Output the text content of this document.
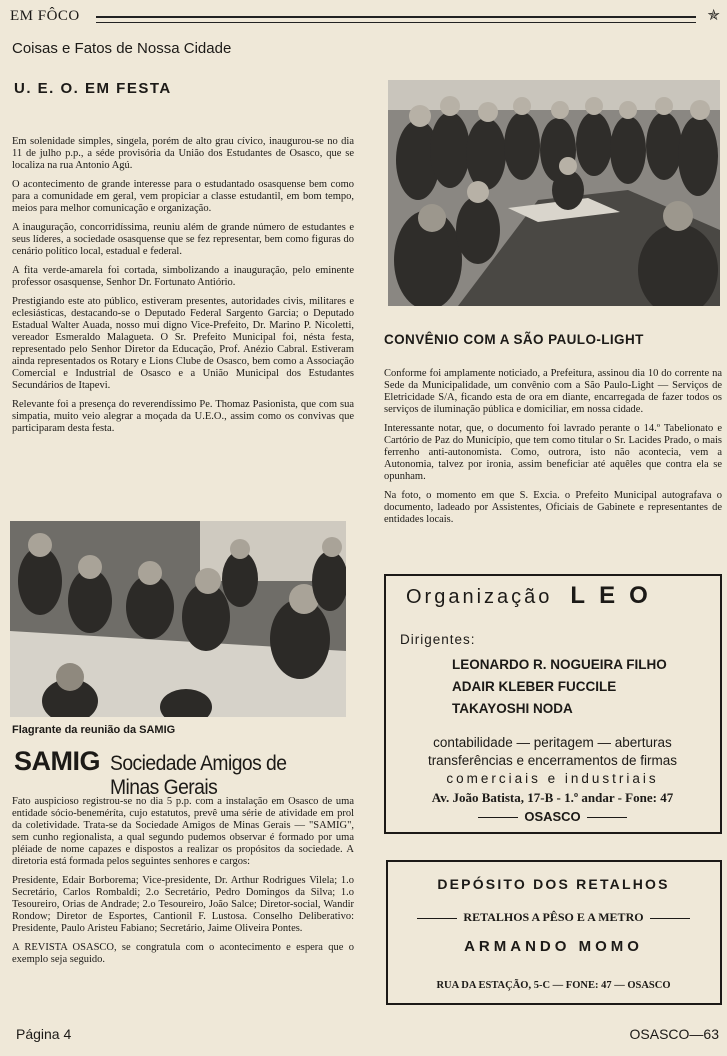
EM FÔCO	✯
Coisas e Fatos de Nossa Cidade
U. E. O. EM FESTA

Em solenidade simples, singela, porém de alto grau cívico, inaugurou-se no dia 11 de julho p.p., a séde provisória da União dos Estudantes de Osasco, que se localiza na rua Antonio Agú.

O acontecimento de grande interesse para o estudantado osasquense bem como para a comunidade em geral, vem propiciar a classe estudantil, em bom tempo, meios para melhor comunicação e organização.

A inauguração, concorridíssima, reuniu além de grande número de estudantes e seus líderes, a sociedade osasquense que se fez representar, bem como figuras do cenário político local, estadual e federal.

A fita verde-amarela foi cortada, simbolizando a inauguração, pelo eminente professor osasquense, Senhor Dr. Fortunato Antiório.

Prestigiando este ato público, estiveram presentes, autoridades civis, militares e eclesiásticas, destacando-se o Deputado Federal Sargento Garcia; o Deputado Estadual Walter Auada, nosso mui digno Vice-Prefeito, Dr. Marino P. Nicoletti, vereador Esmeraldo Malagueta. O Sr. Prefeito Municipal foi, nésta festa, representado pelo Senhor Diretor da Educação, Prof. Anézio Cabral. Estiveram ainda representados os Rotary e Lions Clube de Osasco, bem como a Associação Comercial e Industrial de Osasco e a União Municipal dos Estudantes Secundários de Itapevi.

Relevante foi a presença do reverendíssimo Pe. Thomaz Pasionista, que com sua simpatia, muito veio alegrar a moçada da U.E.O., assim como os convivas que participaram desta festa.

CONVÊNIO COM A SÃO PAULO-LIGHT

Conforme foi amplamente noticiado, a Prefeitura, assinou dia 10 do corrente na Sede da Municipalidade, um convênio com a São Paulo-Light — Serviços de Eletricidade S/A, ficando esta de ora em diante, encarregada de fazer todos os serviços de iluminação pública e domiciliar, em nossa cidade.

Interessante notar, que, o documento foi lavrado perante o 14.º Tabelionato e Cartório de Paz do Município, que tem como titular o Sr. Lacides Prado, o mais ferrenho anti-autonomista. Como, outrora, isto não acontecia, vem a Autonomia, talvez por ironia, assim beneficiar até aquêles que contra ela se opunham.

Na foto, o momento em que S. Excia. o Prefeito Municipal autografava o documento, ladeado por Assistentes, Oficiais de Gabinete e representantes de entidades locais.

Flagrante da reunião da SAMIG
SAMIG Sociedade Amigos de Minas Gerais

Fato auspicioso registrou-se no dia 5 p.p. com a instalação em Osasco de uma entidade sócio-beneméríta, cujo estatutos, prevê uma série de atividade em prol da coletividade. Trata-se da Sociedade Amigos de Minas Gerais — "SAMIG", sem cunho regionalista, a qual segundo pudemos observar é formado por uma pléiade de nome capazes e dispostos a realizar os propósitos da sociedade. A diretoria está formada pelos seguintes senhores e cargos:

Presidente, Edair Borborema; Vice-presidente, Dr. Arthur Rodrigues Vilela; 1.o Secretário, Carlos Rombaldi; 2.o Secretário, Pedro Domingos da Silva; 1.o Tesoureiro, Orias de Andrade; 2.o Tesoureiro, João Salce; Diretor-social, Wandir Rondow; Diretor de Esportes, Cantionil F. Lustosa. Conselho Deliberativo: Presidente, Paulo Aristeu Fabiano; Secretário, Jaime Oliveira Pontes.

A REVISTA OSASCO, se congratula com o acontecimento e espera que o exemplo seja seguido.

Organização LEO
Dirigentes:
LEONARDO R. NOGUEIRA FILHO
ADAIR KLEBER FUCCILE
TAKAYOSHI NODA
contabilidade — peritagem — aberturas
transferências e encerramentos de firmas
comerciais e industriais
Av. João Batista, 17-B - 1.º andar - Fone: 47
OSASCO
DEPÓSITO DOS RETALHOS
RETALHOS A PÊSO E A METRO
ARMANDO MOMO
RUA DA ESTAÇÃO, 5-C — FONE: 47 — OSASCO
Página 4	OSASCO—63
